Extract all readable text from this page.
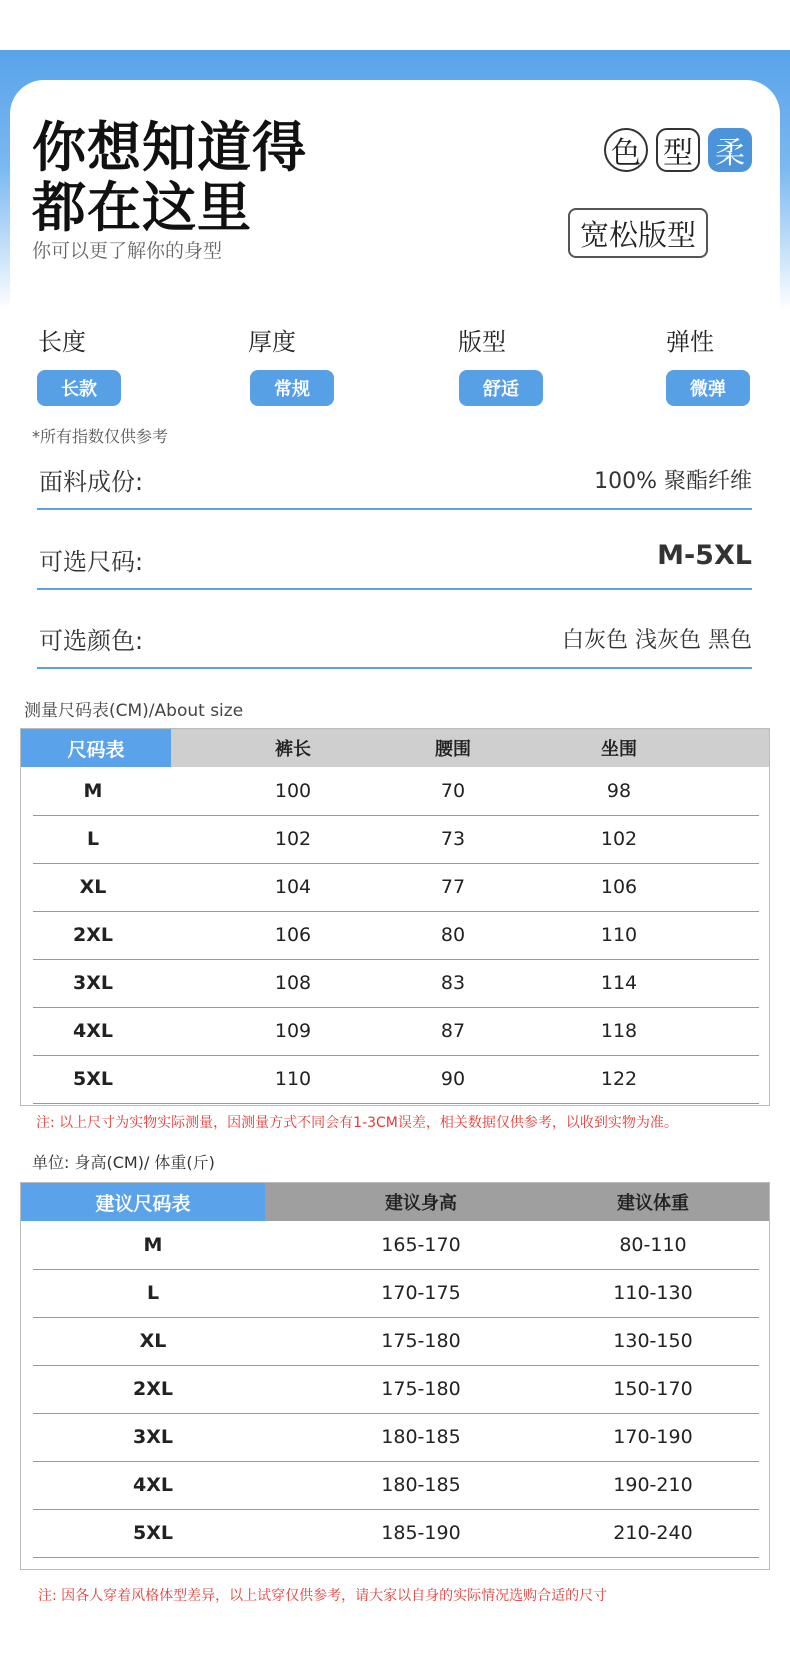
你想知道得
都在这里
你可以更了解你的身型
色 型 柔
宽松版型
长度	厚度	版型	弹性
长款	常规	舒适	微弹
*所有指数仅供参考
面料成份:	100% 聚酯纤维
可选尺码:	M-5XL
可选颜色:	白灰色 浅灰色 黑色
测量尺码表(CM)/About size
尺码表	裤长	腰围	坐围
M	100	70	98
L	102	73	102
XL	104	77	106
2XL	106	80	110
3XL	108	83	114
4XL	109	87	118
5XL	110	90	122
注: 以上尺寸为实物实际测量，因测量方式不同会有1-3CM误差，相关数据仅供参考，以收到实物为准。
单位: 身高(CM)/ 体重(斤)
建议尺码表	建议身高	建议体重
M	165-170	80-110
L	170-175	110-130
XL	175-180	130-150
2XL	175-180	150-170
3XL	180-185	170-190
4XL	180-185	190-210
5XL	185-190	210-240
注: 因各人穿着风格体型差异，以上试穿仅供参考，请大家以自身的实际情况选购合适的尺寸
